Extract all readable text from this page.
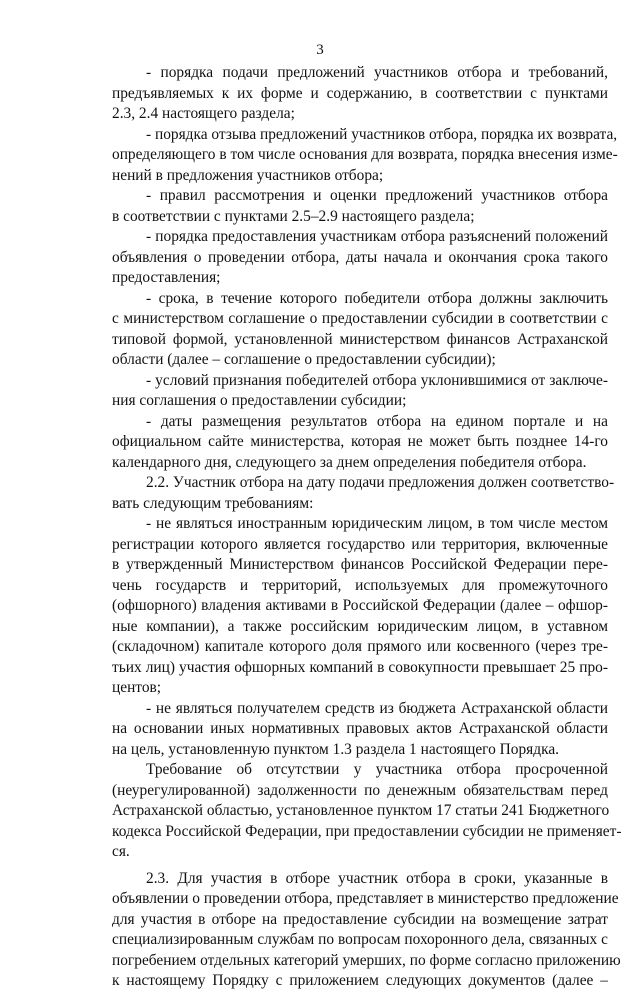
3
- порядка подачи предложений участников отбора и требований,
предъявляемых к их форме и содержанию, в соответствии с пунктами
2.3, 2.4 настоящего раздела;
- порядка отзыва предложений участников отбора, порядка их возврата,
определяющего в том числе основания для возврата, порядка внесения изме-
нений в предложения участников отбора;
- правил рассмотрения и оценки предложений участников отбора
в соответствии с пунктами 2.5–2.9 настоящего раздела;
- порядка предоставления участникам отбора разъяснений положений
объявления о проведении отбора, даты начала и окончания срока такого
предоставления;
- срока, в течение которого победители отбора должны заключить
с министерством соглашение о предоставлении субсидии в соответствии с
типовой формой, установленной министерством финансов Астраханской
области (далее – соглашение о предоставлении субсидии);
- условий признания победителей отбора уклонившимися от заключе-
ния соглашения о предоставлении субсидии;
- даты размещения результатов отбора на едином портале и на
официальном сайте министерства, которая не может быть позднее 14-го
календарного дня, следующего за днем определения победителя отбора.
2.2. Участник отбора на дату подачи предложения должен соответство-
вать следующим требованиям:
- не являться иностранным юридическим лицом, в том числе местом
регистрации которого является государство или территория, включенные
в утвержденный Министерством финансов Российской Федерации пере-
чень государств и территорий, используемых для промежуточного
(офшорного) владения активами в Российской Федерации (далее – офшор-
ные компании), а также российским юридическим лицом, в уставном
(складочном) капитале которого доля прямого или косвенного (через тре-
тьих лиц) участия офшорных компаний в совокупности превышает 25 про-
центов;
- не являться получателем средств из бюджета Астраханской области
на основании иных нормативных правовых актов Астраханской области
на цель, установленную пунктом 1.3 раздела 1 настоящего Порядка.
Требование об отсутствии у участника отбора просроченной
(неурегулированной) задолженности по денежным обязательствам перед
Астраханской областью, установленное пунктом 17 статьи 241 Бюджетного
кодекса Российской Федерации, при предоставлении субсидии не применяет-
ся.
2.3. Для участия в отборе участник отбора в сроки, указанные в
объявлении о проведении отбора, представляет в министерство предложение
для участия в отборе на предоставление субсидии на возмещение затрат
специализированным службам по вопросам похоронного дела, связанных с
погребением отдельных категорий умерших, по форме согласно приложению
к настоящему Порядку с приложением следующих документов (далее –
